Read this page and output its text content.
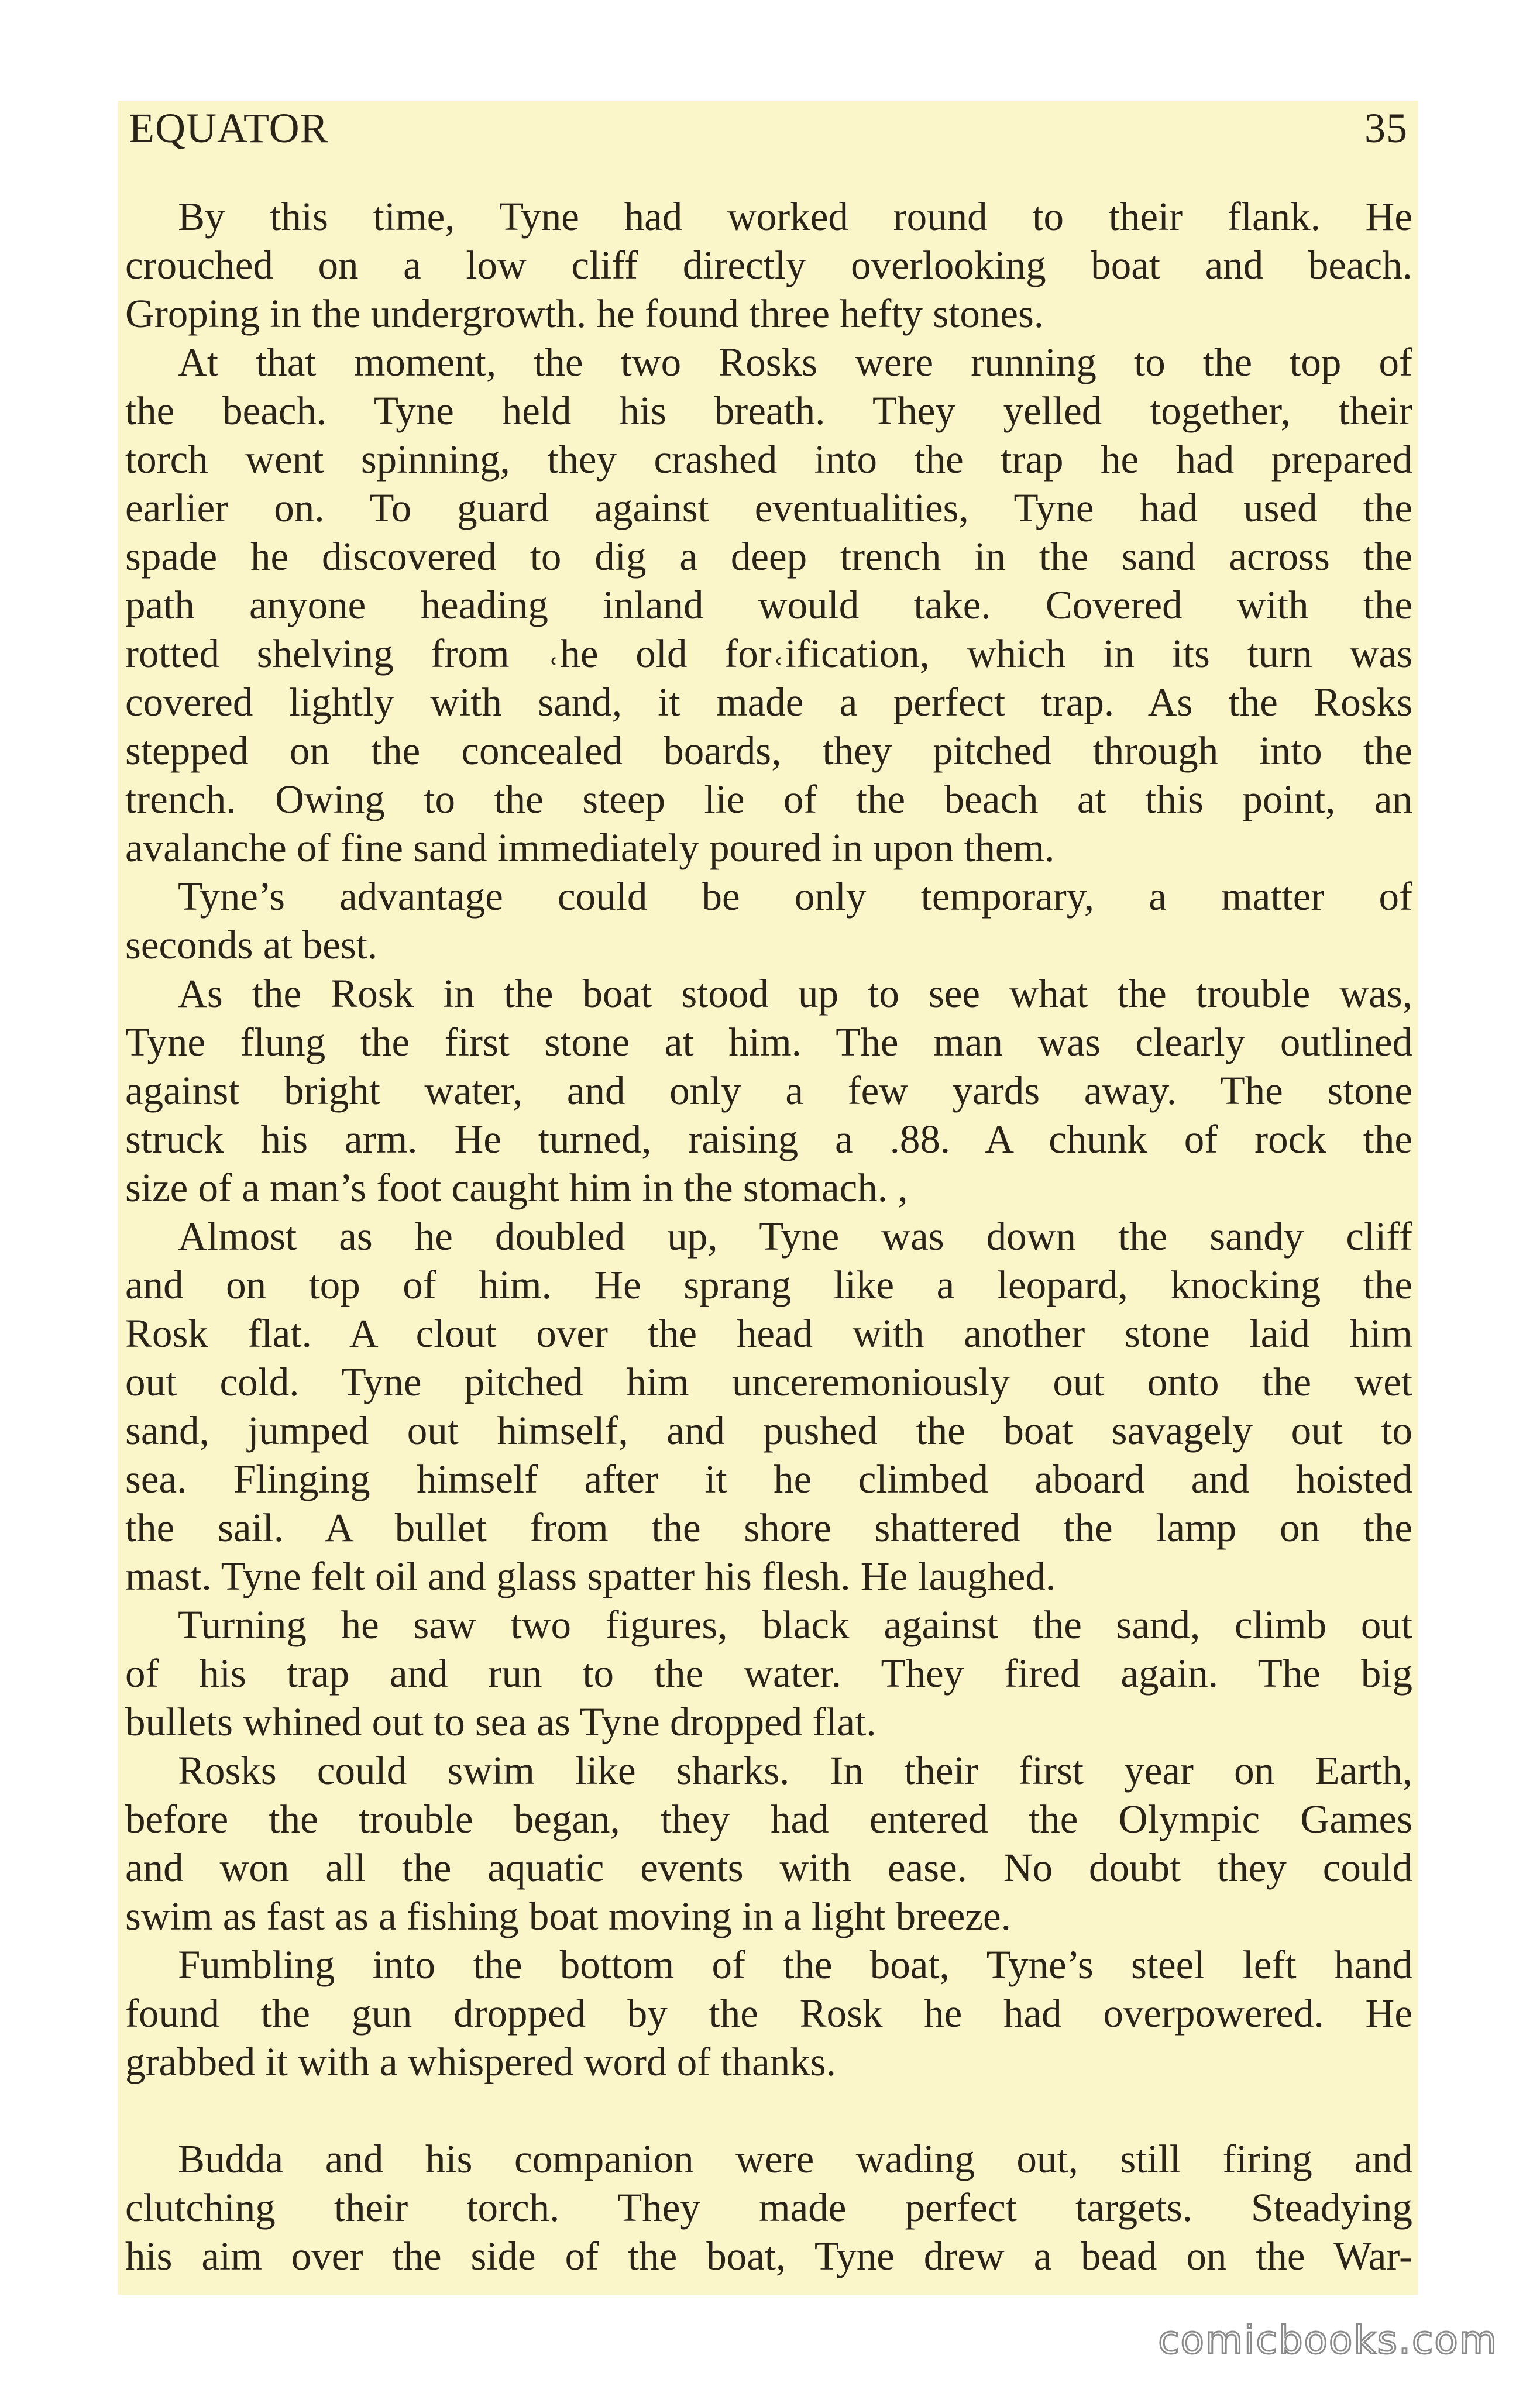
EQUATOR	35

By this time, Tyne had worked round to their flank. He
crouched on a low cliff directly overlooking boat and beach.
Groping in the undergrowth. he found three hefty stones.

At that moment, the two Rosks were running to the top of
the beach. Tyne held his breath. They yelled together, their
torch went spinning, they crashed into the trap he had prepared
earlier on. To guard against eventualities, Tyne had used the
spade he discovered to dig a deep trench in the sand across the
path anyone heading inland would take. Covered with the
rotted shelving from ˓he old for˓ification, which in its turn was
covered lightly with sand, it made a perfect trap. As the Rosks
stepped on the concealed boards, they pitched through into the
trench. Owing to the steep lie of the beach at this point, an
avalanche of fine sand immediately poured in upon them.

Tyne’s advantage could be only temporary, a matter of
seconds at best.

As the Rosk in the boat stood up to see what the trouble was,
Tyne flung the first stone at him. The man was clearly outlined
against bright water, and only a few yards away. The stone
struck his arm. He turned, raising a .88. A chunk of rock the
size of a man’s foot caught him in the stomach. ,

Almost as he doubled up, Tyne was down the sandy cliff
and on top of him. He sprang like a leopard, knocking the
Rosk flat. A clout over the head with another stone laid him
out cold. Tyne pitched him unceremoniously out onto the wet
sand, jumped out himself, and pushed the boat savagely out to
sea. Flinging himself after it he climbed aboard and hoisted
the sail. A bullet from the shore shattered the lamp on the
mast. Tyne felt oil and glass spatter his flesh. He laughed.

Turning he saw two figures, black against the sand, climb out
of his trap and run to the water. They fired again. The big
bullets whined out to sea as Tyne dropped flat.

Rosks could swim like sharks. In their first year on Earth,
before the trouble began, they had entered the Olympic Games
and won all the aquatic events with ease. No doubt they could
swim as fast as a fishing boat moving in a light breeze.

Fumbling into the bottom of the boat, Tyne’s steel left hand
found the gun dropped by the Rosk he had overpowered. He
grabbed it with a whispered word of thanks.

Budda and his companion were wading out, still firing and
clutching their torch. They made perfect targets. Steadying
his aim over the side of the boat, Tyne drew a bead on the War-

comicbooks.com
